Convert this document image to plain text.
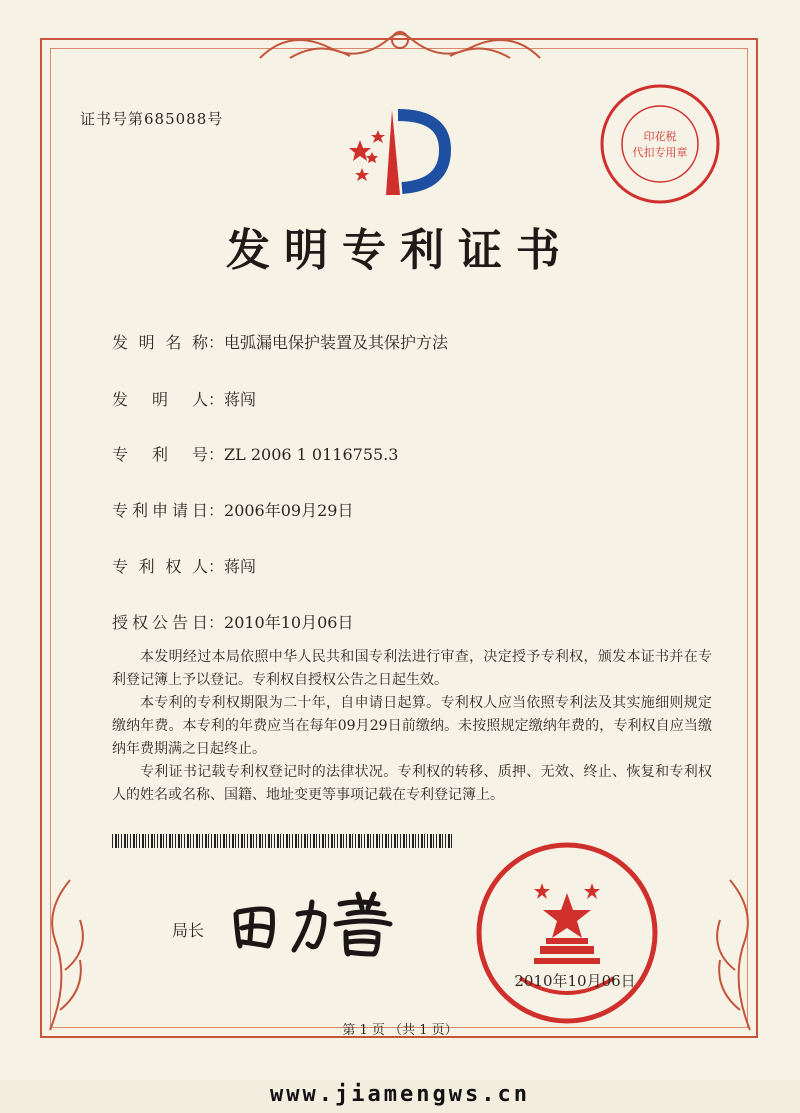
证书号第685088号
印花税
代扣专用章
发明专利证书
发明名称：电弧漏电保护装置及其保护方法
发明人：蒋闯
专利号：ZL 2006 1 0116755.3
专利申请日：2006年09月29日
专利权人：蒋闯
授权公告日：2010年10月06日
本发明经过本局依照中华人民共和国专利法进行审查，决定授予专利权，颁发本证书并在专利登记簿上予以登记。专利权自授权公告之日起生效。
本专利的专利权期限为二十年，自申请日起算。专利权人应当依照专利法及其实施细则规定缴纳年费。本专利的年费应当在每年09月29日前缴纳。未按照规定缴纳年费的，专利权自应当缴纳年费期满之日起终止。
专利证书记载专利权登记时的法律状况。专利权的转移、质押、无效、终止、恢复和专利权人的姓名或名称、国籍、地址变更等事项记载在专利登记簿上。
局长
2010年10月06日
第 1 页 （共 1 页）
www.jiamengws.cn
